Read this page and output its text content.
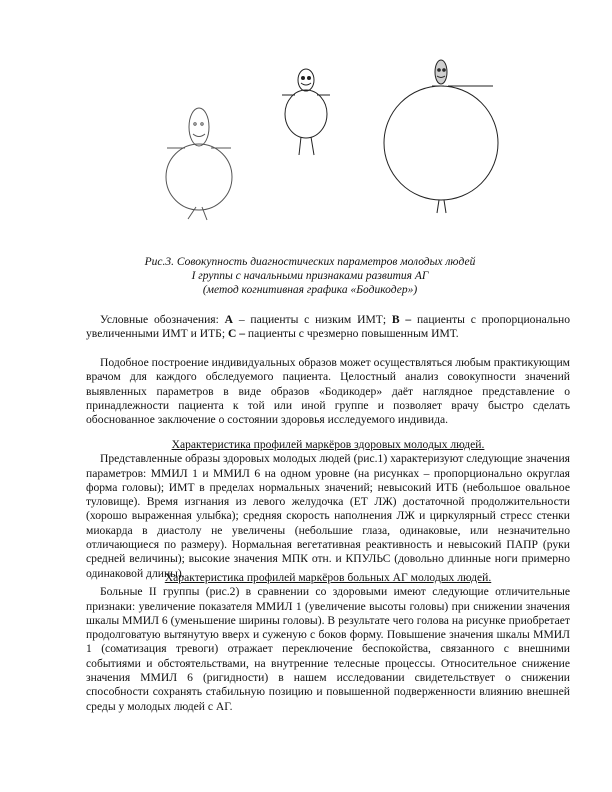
Рис.3. Совокупность диагностических параметров молодых людей
I группы с начальными признаками развития АГ
(метод когнитивная графика «Бодикодер»)

Условные обозначения: А – пациенты с низким ИМТ; В – пациенты с пропорционально увеличенными ИМТ и ИТБ; С – пациенты с чрезмерно повышенным ИМТ.

Подобное построение индивидуальных образов может осуществляться любым практикующим врачом для каждого обследуемого пациента. Целостный анализ совокупности значений выявленных параметров в виде образов «Бодикодер» даёт наглядное представление о принадлежности пациента к той или иной группе и позволяет врачу быстро сделать обоснованное заключение о состоянии здоровья исследуемого индивида.

Характеристика профилей маркёров здоровых молодых людей.

Представленные образы здоровых молодых людей (рис.1) характеризуют следующие значения параметров: ММИЛ 1 и ММИЛ 6 на одном уровне (на рисунках – пропорционально округлая форма головы); ИМТ в пределах нормальных значений; невысокий ИТБ (небольшое овальное туловище). Время изгнания из левого желудочка (ЕТ ЛЖ) достаточной продолжительности (хорошо выраженная улыбка); средняя скорость наполнения ЛЖ и циркулярный стресс стенки миокарда в диастолу не увеличены (небольшие глаза, одинаковые, или незначительно отличающиеся по размеру). Нормальная вегетативная реактивность и невысокий ПАПР (руки средней величины); высокие значения МПК отн. и КПУЛЬС (довольно длинные ноги примерно одинаковой длины).

Характеристика профилей маркёров больных АГ молодых людей.

Больные II группы (рис.2) в сравнении со здоровыми имеют следующие отличительные признаки: увеличение показателя ММИЛ 1 (увеличение высоты головы) при снижении значения шкалы ММИЛ 6 (уменьшение ширины головы). В результате чего голова на рисунке приобретает продолговатую вытянутую вверх и суженую с боков форму. Повышение значения шкалы ММИЛ 1 (соматизация тревоги) отражает переключение беспокойства, связанного с внешними событиями и обстоятельствами, на внутренние телесные процессы. Относительное снижение значения ММИЛ 6 (ригидности) в нашем исследовании свидетельствует о снижении способности сохранять стабильную позицию и повышенной подверженности влиянию внешней среды у молодых людей с АГ.
